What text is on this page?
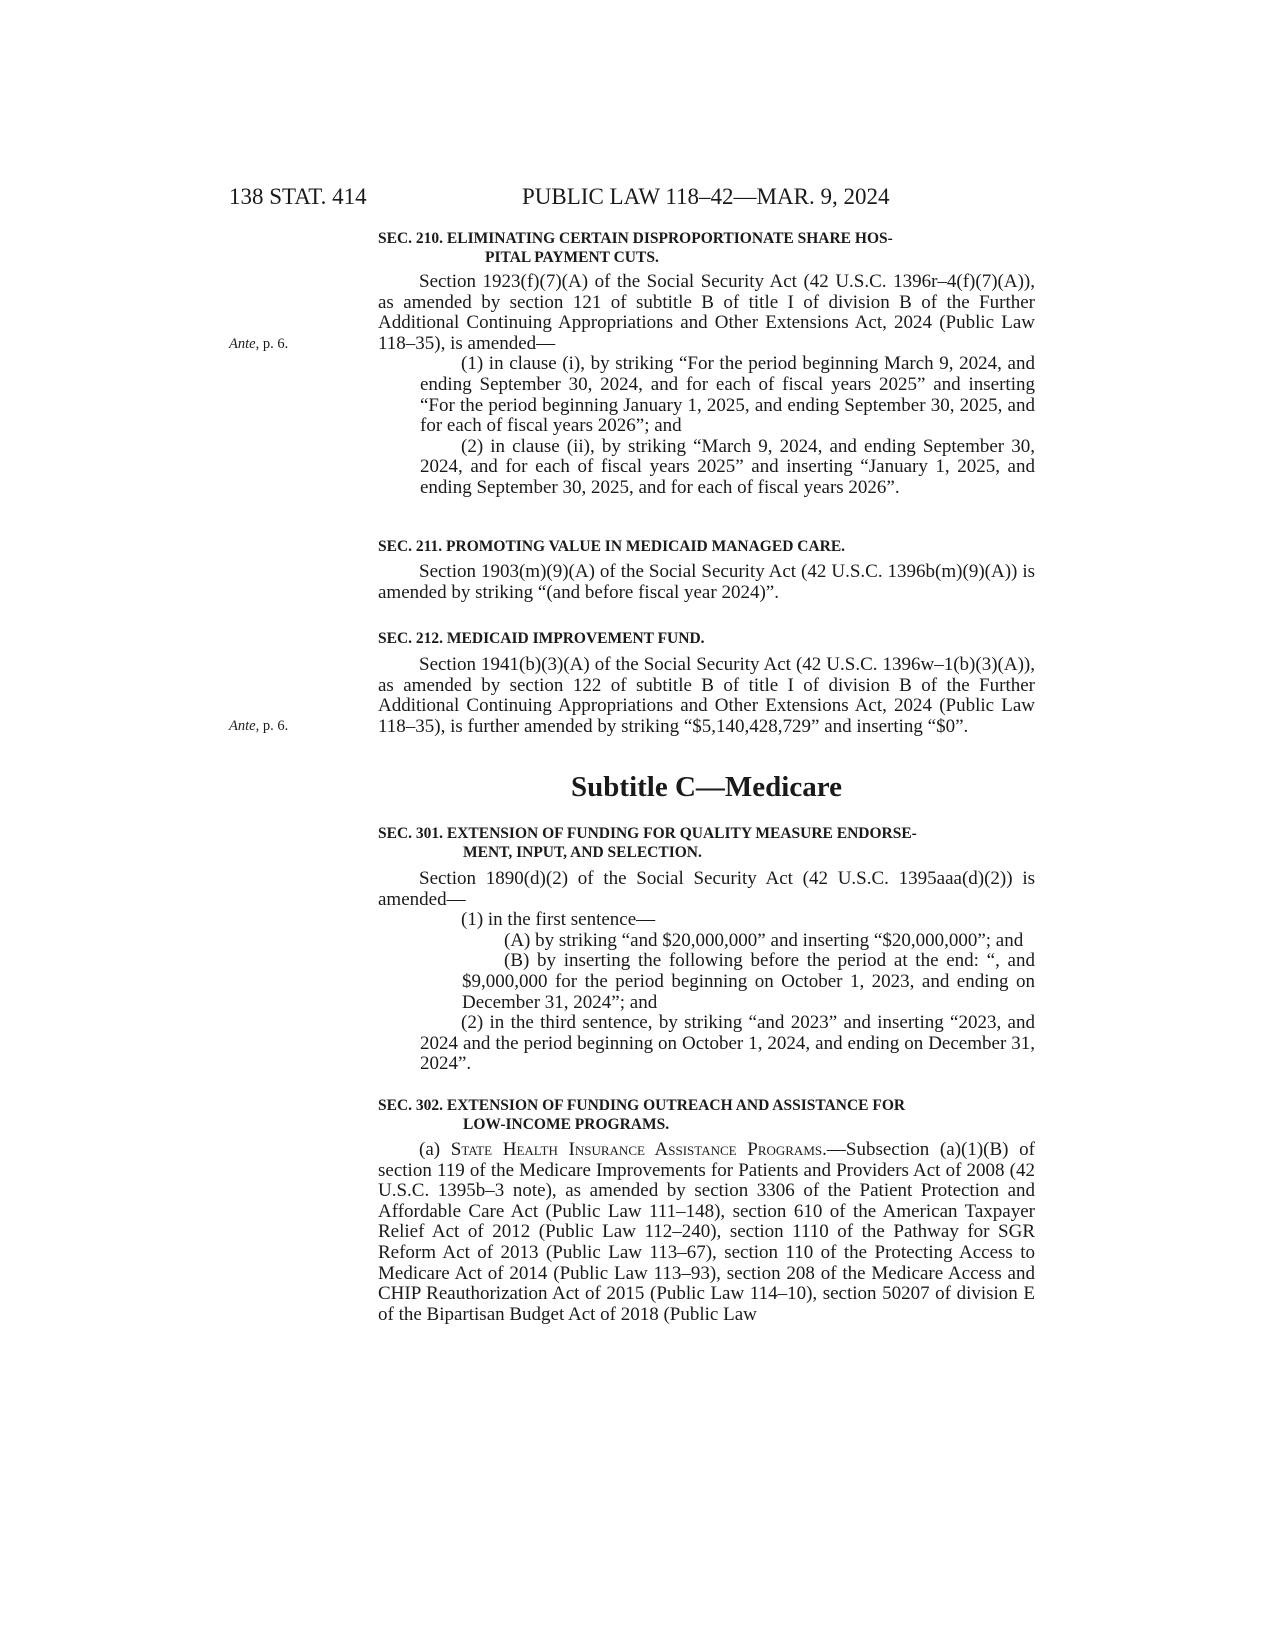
138 STAT. 414	PUBLIC LAW 118–42—MAR. 9, 2024
Ante, p. 6.
Ante, p. 6.
SEC. 210. ELIMINATING CERTAIN DISPROPORTIONATE SHARE HOS-
PITAL PAYMENT CUTS.

Section 1923(f)(7)(A) of the Social Security Act (42 U.S.C. 1396r–4(f)(7)(A)), as amended by section 121 of subtitle B of title I of division B of the Further Additional Continuing Appropriations and Other Extensions Act, 2024 (Public Law 118–35), is amended—

(1) in clause (i), by striking “For the period beginning March 9, 2024, and ending September 30, 2024, and for each of fiscal years 2025” and inserting “For the period beginning January 1, 2025, and ending September 30, 2025, and for each of fiscal years 2026”; and

(2) in clause (ii), by striking “March 9, 2024, and ending September 30, 2024, and for each of fiscal years 2025” and inserting “January 1, 2025, and ending September 30, 2025, and for each of fiscal years 2026”.

SEC. 211. PROMOTING VALUE IN MEDICAID MANAGED CARE.

Section 1903(m)(9)(A) of the Social Security Act (42 U.S.C. 1396b(m)(9)(A)) is amended by striking “(and before fiscal year 2024)”.

SEC. 212. MEDICAID IMPROVEMENT FUND.

Section 1941(b)(3)(A) of the Social Security Act (42 U.S.C. 1396w–1(b)(3)(A)), as amended by section 122 of subtitle B of title I of division B of the Further Additional Continuing Appropriations and Other Extensions Act, 2024 (Public Law 118–35), is further amended by striking “$5,140,428,729” and inserting “$0”.

Subtitle C—Medicare
SEC. 301. EXTENSION OF FUNDING FOR QUALITY MEASURE ENDORSE-
MENT, INPUT, AND SELECTION.

Section 1890(d)(2) of the Social Security Act (42 U.S.C. 1395aaa(d)(2)) is amended—

(1) in the first sentence—

(A) by striking “and $20,000,000” and inserting “$20,000,000”; and

(B) by inserting the following before the period at the end: “, and $9,000,000 for the period beginning on October 1, 2023, and ending on December 31, 2024”; and

(2) in the third sentence, by striking “and 2023” and inserting “2023, and 2024 and the period beginning on October 1, 2024, and ending on December 31, 2024”.

SEC. 302. EXTENSION OF FUNDING OUTREACH AND ASSISTANCE FOR
LOW-INCOME PROGRAMS.

(a) State Health Insurance Assistance Programs.—Subsection (a)(1)(B) of section 119 of the Medicare Improvements for Patients and Providers Act of 2008 (42 U.S.C. 1395b–3 note), as amended by section 3306 of the Patient Protection and Affordable Care Act (Public Law 111–148), section 610 of the American Taxpayer Relief Act of 2012 (Public Law 112–240), section 1110 of the Pathway for SGR Reform Act of 2013 (Public Law 113–67), section 110 of the Protecting Access to Medicare Act of 2014 (Public Law 113–93), section 208 of the Medicare Access and CHIP Reauthorization Act of 2015 (Public Law 114–10), section 50207 of division E of the Bipartisan Budget Act of 2018 (Public Law
